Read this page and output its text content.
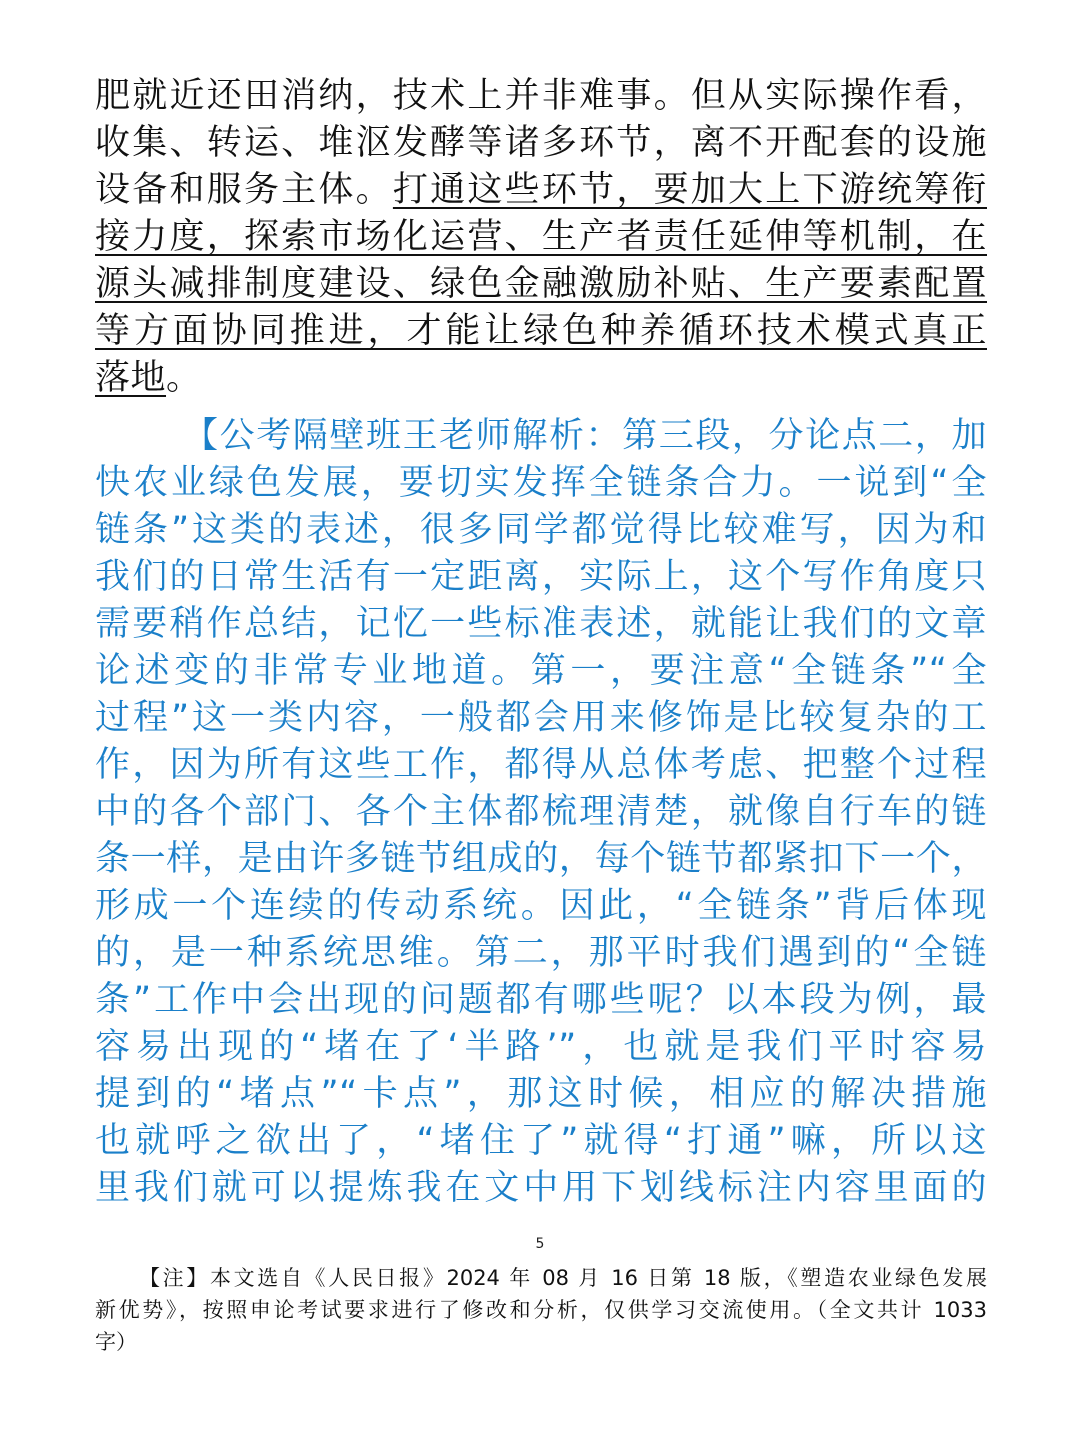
肥就近还田消纳，技术上并非难事。但从实际操作看，
收集、转运、堆沤发酵等诸多环节，离不开配套的设施
设备和服务主体。打通这些环节，要加大上下游统筹衔
接力度，探索市场化运营、生产者责任延伸等机制，在
源头减排制度建设、绿色金融激励补贴、生产要素配置
等方面协同推进，才能让绿色种养循环技术模式真正
落地。
【公考隔壁班王老师解析：第三段，分论点二，加
快农业绿色发展，要切实发挥全链条合力。一说到“全
链条”这类的表述，很多同学都觉得比较难写，因为和
我们的日常生活有一定距离，实际上，这个写作角度只
需要稍作总结，记忆一些标准表述，就能让我们的文章
论述变的非常专业地道。第一，要注意“全链条”“全
过程”这一类内容，一般都会用来修饰是比较复杂的工
作，因为所有这些工作，都得从总体考虑、把整个过程
中的各个部门、各个主体都梳理清楚，就像自行车的链
条一样，是由许多链节组成的，每个链节都紧扣下一个，
形成一个连续的传动系统。因此，“全链条”背后体现
的，是一种系统思维。第二，那平时我们遇到的“全链
条”工作中会出现的问题都有哪些呢？以本段为例，最
容易出现的“堵在了‘半路’”，也就是我们平时容易
提到的“堵点”“卡点”，那这时候，相应的解决措施
也就呼之欲出了，“堵住了”就得“打通”嘛，所以这
里我们就可以提炼我在文中用下划线标注内容里面的
5
【注】本文选自《人民日报》2024 年 08 月 16 日第 18 版，《塑造农业绿色发展
新优势》，按照申论考试要求进行了修改和分析，仅供学习交流使用。（全文共计 1033
字）
